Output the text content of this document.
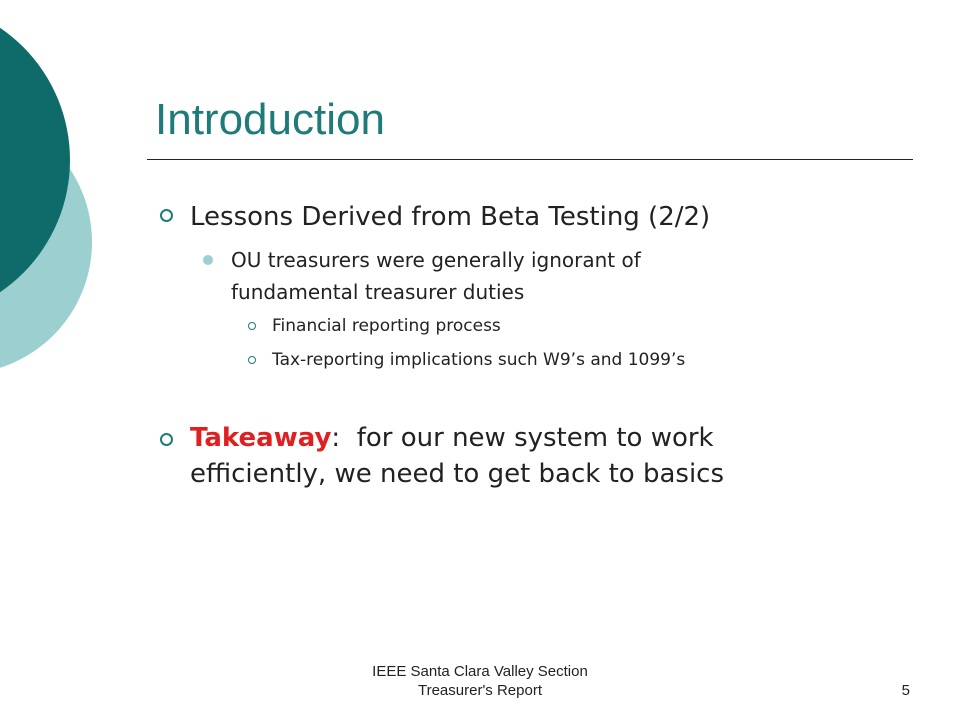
Introduction
Lessons Derived from Beta Testing (2/2)
OU treasurers were generally ignorant of
fundamental treasurer duties
Financial reporting process
Tax-reporting implications such W9’s and 1099’s
Takeaway:  for our new system to work
efficiently, we need to get back to basics
IEEE Santa Clara Valley Section
Treasurer's Report	5
